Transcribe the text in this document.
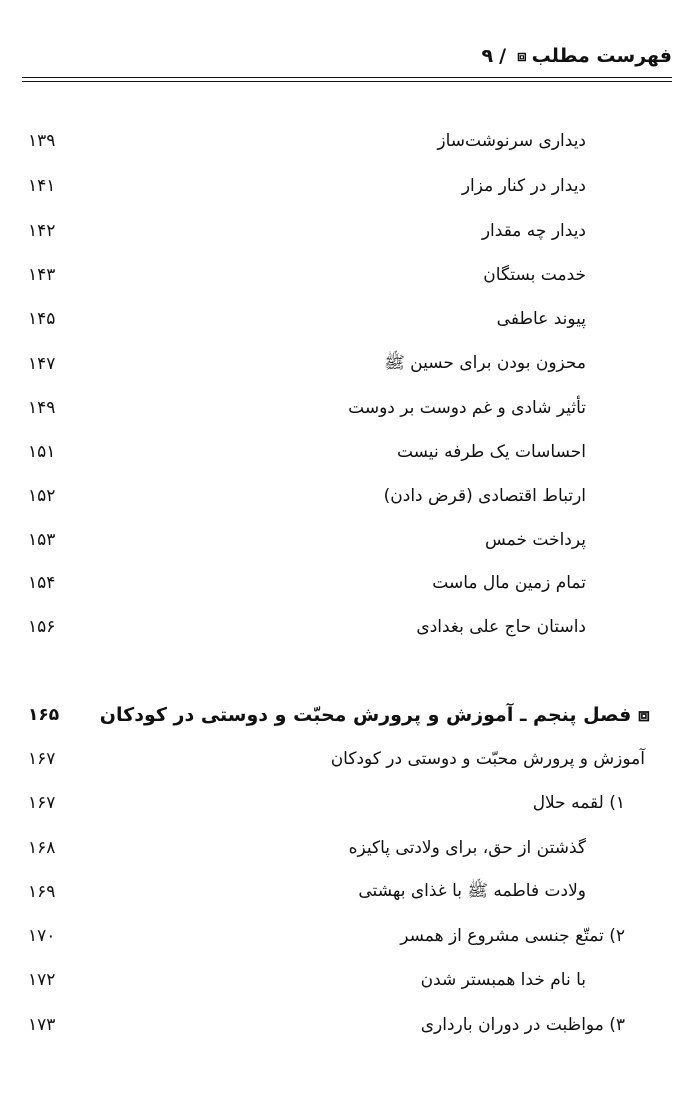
فهرست مطلب
⧈
/
۹
دیداری سرنوشت‌ساز
۱۳۹
دیدار در کنار مزار
۱۴۱
دیدار چه مقدار
۱۴۲
خدمت بستگان
۱۴۳
پیوند عاطفی
۱۴۵
محزون بودن برای حسین ﷺ
۱۴۷
تأثیر شادی و غم دوست بر دوست
۱۴۹
احساسات یک طرفه نیست
۱۵۱
ارتباط اقتصادی (قرض دادن)
۱۵۲
پرداخت خمس
۱۵۳
تمام زمین مال ماست
۱۵۴
داستان حاج علی بغدادی
۱۵۶
⧈ فصل پنجم ـ آموزش و پرورش محبّت و دوستی در کودکان
۱۶۵
آموزش و پرورش محبّت و دوستی در کودکان
۱۶۷
۱) لقمه حلال
۱۶۷
گذشتن از حق، برای ولادتی پاکیزه
۱۶۸
ولادت فاطمه ﷺ با غذای بهشتی
۱۶۹
۲) تمتّع جنسی مشروع از همسر
۱۷۰
با نام خدا همبستر شدن
۱۷۲
۳) مواظبت در دوران بارداری
۱۷۳
